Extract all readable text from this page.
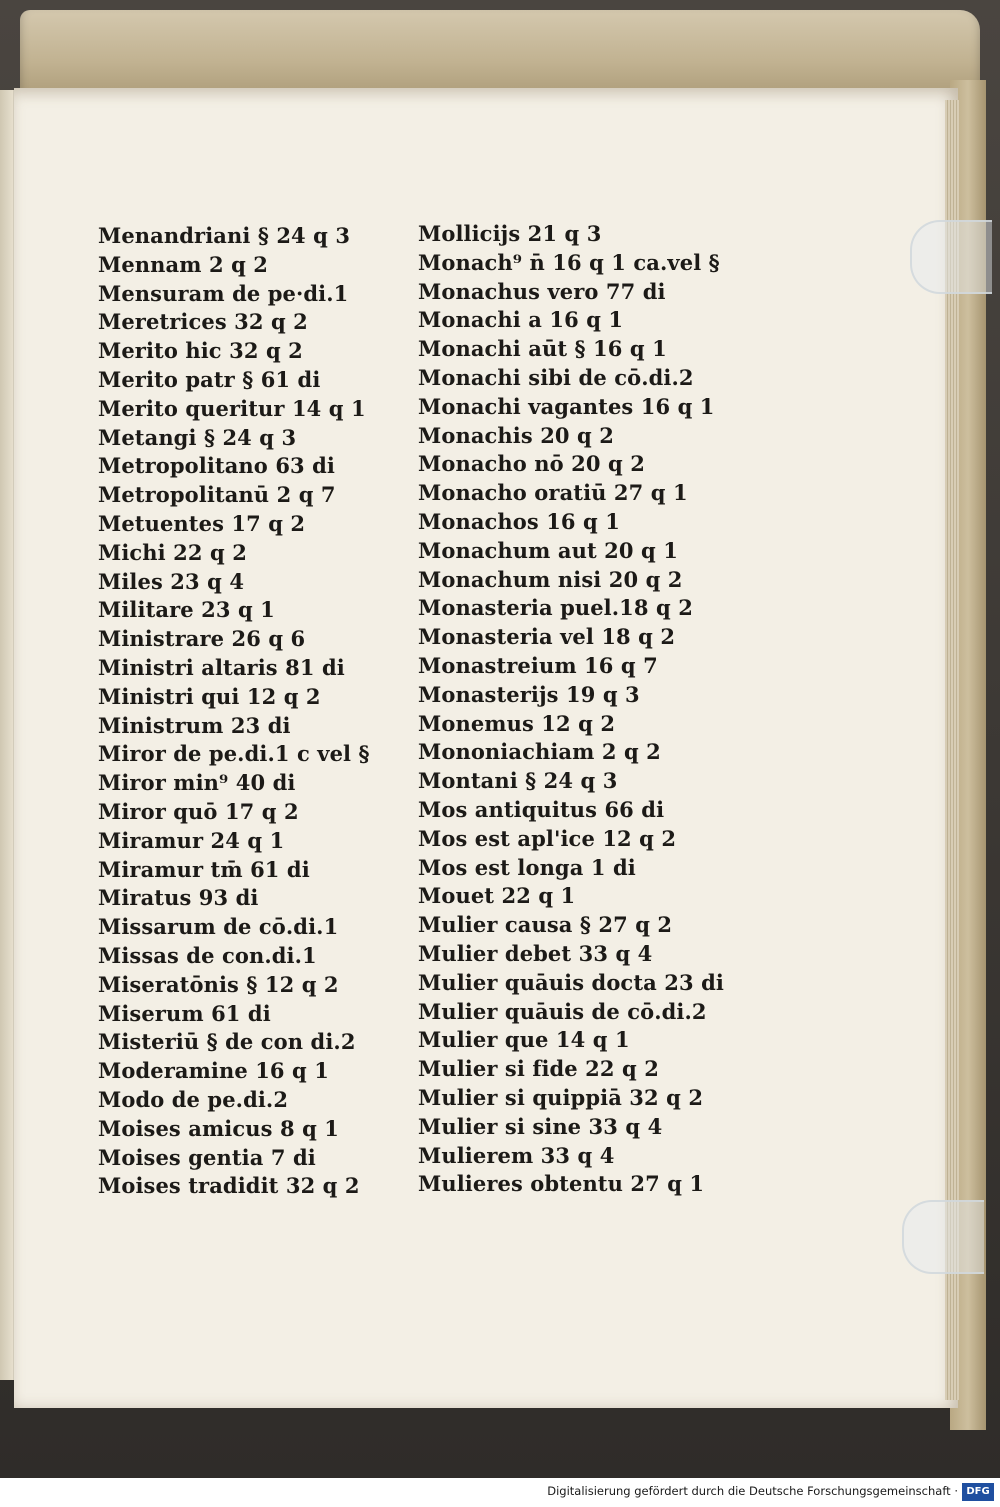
Menandriani § 24 q 3
Mennam 2 q 2
Mensuram de pe·di.1
Meretrices 32 q 2
Merito hic 32 q 2
Merito patr § 61 di
Merito queritur 14 q 1
Metangi § 24 q 3
Metropolitano 63 di
Metropolitanū 2 q 7
Metuentes 17 q 2
Michi 22 q 2
Miles 23 q 4
Militare 23 q 1
Ministrare 26 q 6
Ministri altaris 81 di
Ministri qui 12 q 2
Ministrum 23 di
Miror de pe.di.1 c vel §
Miror min⁹ 40 di
Miror quō 17 q 2
Miramur 24 q 1
Miramur tm̄ 61 di
Miratus 93 di
Missarum de cō.di.1
Missas de con.di.1
Miseratōnis § 12 q 2
Miserum 61 di
Misteriū § de con di.2
Moderamine 16 q 1
Modo de pe.di.2
Moises amicus 8 q 1
Moises gentia 7 di
Moises tradidit 32 q 2
Mollicijs 21 q 3
Monach⁹ n̄ 16 q 1 ca.vel §
Monachus vero 77 di
Monachi a 16 q 1
Monachi aūt § 16 q 1
Monachi sibi de cō.di.2
Monachi vagantes 16 q 1
Monachis 20 q 2
Monacho nō 20 q 2
Monacho oratiū 27 q 1
Monachos 16 q 1
Monachum aut 20 q 1
Monachum nisi 20 q 2
Monasteria puel.18 q 2
Monasteria vel 18 q 2
Monastreium 16 q 7
Monasterijs 19 q 3
Monemus 12 q 2
Mononiachiam 2 q 2
Montani § 24 q 3
Mos antiquitus 66 di
Mos est apl'ice 12 q 2
Mos est longa 1 di
Mouet 22 q 1
Mulier causa § 27 q 2
Mulier debet 33 q 4
Mulier quāuis docta 23 di
Mulier quāuis de cō.di.2
Mulier que 14 q 1
Mulier si fide 22 q 2
Mulier si quippiā 32 q 2
Mulier si sine 33 q 4
Mulierem 33 q 4
Mulieres obtentu 27 q 1
Digitalisierung gefördert durch die Deutsche Forschungsgemeinschaft · DFG
